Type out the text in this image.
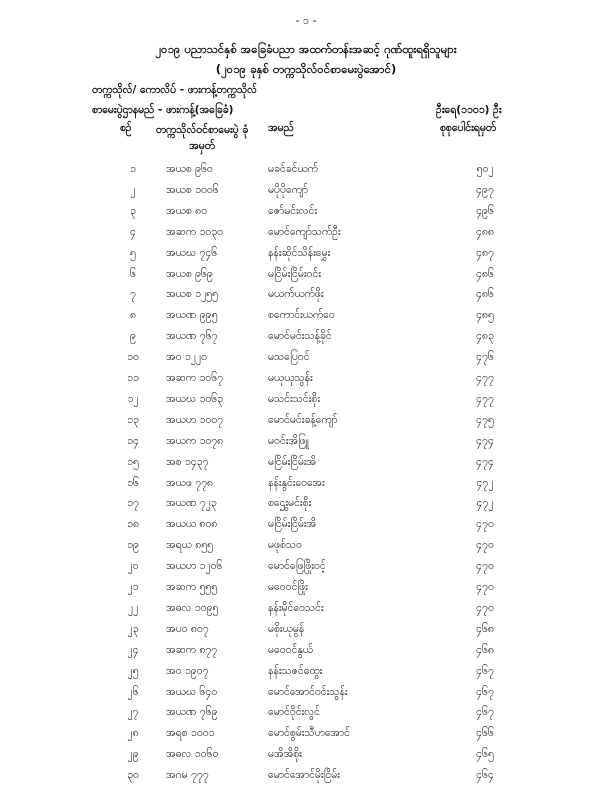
- ၁ -
၂၀၁၉ ပညာသင်နှစ် အခြေခံပညာ အထက်တန်းအဆင့် ဂုဏ်ထူးရရှိသူများ
(၂၀၁၉ ခုနှစ် တက္ကသိုလ်ဝင်စာမေးပွဲအောင်)
တက္ကသိုလ်/ ကောလိပ် - ဖားကန့်တက္ကသိုလ်
စာမေးပွဲဌာနမည် - ဖားကန့်(အခြေခံ)	ဦးရေ(၁၁၀၁) ဦး
စဉ်	တက္ကသိုလ်ဝင်စာမေးပွဲ ခုံအမှတ်
အမည်	စုစုပေါင်းရမှတ်
၁	အယစ ၉၆၀	မခင်ခင်ယက်	၅၀၂
၂	အယစ ၁၀၀၆	မပိုပိုကျော်	၄၉၇
၃	အယစ ၈၀	ဇော်မင်းလင်း	၄၉၆
၄	အဆက ၁၀၃၀	မောင်ကျော်သက်ဦး	၄၈၈
၅	အယဃ ၇၄၆	နန်းဆိုင်သိန်းမွှေး	၄၈၇
၆	အယစ ၉၆၉	မငြိမ်းငြိမ်းဝင်း	၄၈၆
၇	အယစ ၁၂၅၅	မယက်ယက်ဖိုး	၄၈၆
၈	အယဏ ၉၉၅	စကောင်းယက်ဝေ	၄၈၅
၉	အယဏ ၇၆၇	မောင်မင်းသန့်ခိုင်	၄၈၃
၁၀	အဝ ၁၂၂၀	မသပြေဝင်	၄၇၆
၁၁	အဆက ၁၀၆၇	မယုယုသွန်း	၄၇၇
၁၂	အယဃ ၁၀၆၃	မသင်းသင်းစိုး	၄၇၇
၁၃	အယဟ ၁၀၀၇	မောင်မင်းခန့်ကျော်	၄၇၅
၁၄	အယက ၁၀၇၈	မဝင်းအိဖြူ	၄၇၄
၁၅	အစ ၁၄၃၇	မငြိမ်းငြိမ်းအိ	၄၇၄
၁၆	အယဖ ၇၇၈	နန်းနွင်းဝေအေး	၄၇၂
၁၇	အယဏ ၇၂၃	စဌွေးမင်းစိုး	၄၇၂
၁၈	အယယ ၈၀၈	မငြိမ်းငြိမ်းအိ	၄၇၀
၁၉	အရယ ၈၅၅	မဖုစ်သဝ	၄၇၀
၂၀	အယဟ ၁၂၀၆	မောင်ဖြေဖြိုးဝင့်	၄၇၀
၂၁	အဆက ၅၅၅	မဝေဝင်ဖြိုး	၄၇၀
၂၂	အဓလ ၁၀၉၅	နန်းမိုင်ဝေသင်း	၄၇၀
၂၃	အပ၀ ၈၀၇	မစိုးယုမွန်	၄၆၈
၂၄	အဆက ၈၇၇	မဝေဝင်နွယ်	၄၆၈
၂၅	အဝ ၁၉၀၇	နန်းသဇင်ထွေး	၄၆၇
၂၆	အယဃ ၆၄၀	မောင်အောင်ဝင်းသွန်း	၄၆၇
၂၇	အယဏ ၇၆၉	မောင်ဝိုင်းလွင်	၄၆၇
၂၈	အရစ ၁၀၀၁	မောင်စွမ်းသီဟအောင်	၄၆၆
၂၉	အဓလ ၁၀၆၀	မအိအိစိုး	၄၆၅
၃၀	အဂမ ၇၇၇	မောင်အောင်မိုးငြိမ်း	၄၆၄
